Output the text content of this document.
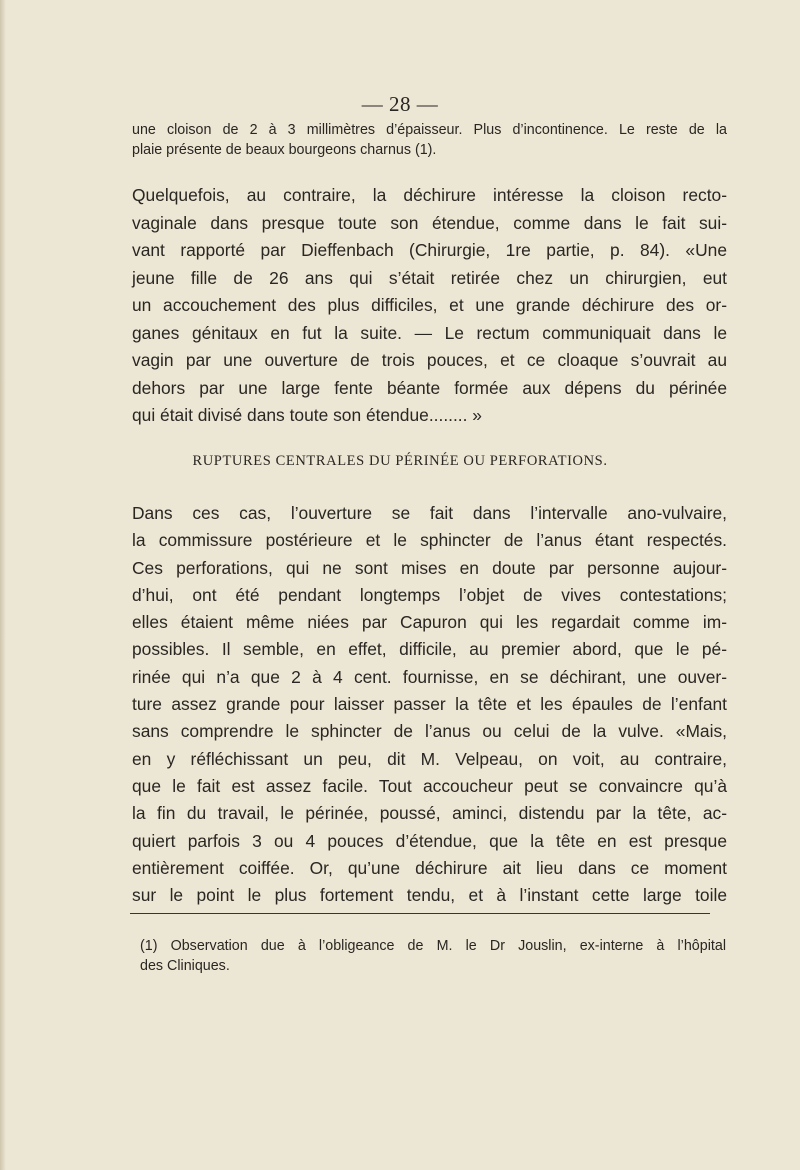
— 28 —
une cloison de 2 à 3 millimètres d’épaisseur. Plus d’incontinence. Le reste de la
plaie présente de beaux bourgeons charnus (1).
Quelquefois, au contraire, la déchirure intéresse la cloison recto-
vaginale dans presque toute son étendue, comme dans le fait sui-
vant rapporté par Dieffenbach (Chirurgie, 1re partie, p. 84). «Une
jeune fille de 26 ans qui s’était retirée chez un chirurgien, eut
un accouchement des plus difficiles, et une grande déchirure des or-
ganes génitaux en fut la suite. — Le rectum communiquait dans le
vagin par une ouverture de trois pouces, et ce cloaque s’ouvrait au
dehors par une large fente béante formée aux dépens du périnée
qui était divisé dans toute son étendue........ »
RUPTURES CENTRALES DU PÉRINÉE OU PERFORATIONS.
Dans ces cas, l’ouverture se fait dans l’intervalle ano-vulvaire,
la commissure postérieure et le sphincter de l’anus étant respectés.
Ces perforations, qui ne sont mises en doute par personne aujour-
d’hui, ont été pendant longtemps l’objet de vives contestations;
elles étaient même niées par Capuron qui les regardait comme im-
possibles. Il semble, en effet, difficile, au premier abord, que le pé-
rinée qui n’a que 2 à 4 cent. fournisse, en se déchirant, une ouver-
ture assez grande pour laisser passer la tête et les épaules de l’enfant
sans comprendre le sphincter de l’anus ou celui de la vulve. «Mais,
en y réfléchissant un peu, dit M. Velpeau, on voit, au contraire,
que le fait est assez facile. Tout accoucheur peut se convaincre qu’à
la fin du travail, le périnée, poussé, aminci, distendu par la tête, ac-
quiert parfois 3 ou 4 pouces d’étendue, que la tête en est presque
entièrement coiffée. Or, qu’une déchirure ait lieu dans ce moment
sur le point le plus fortement tendu, et à l’instant cette large toile
(1) Observation due à l’obligeance de M. le Dr Jouslin, ex-interne à l’hôpital
des Cliniques.
